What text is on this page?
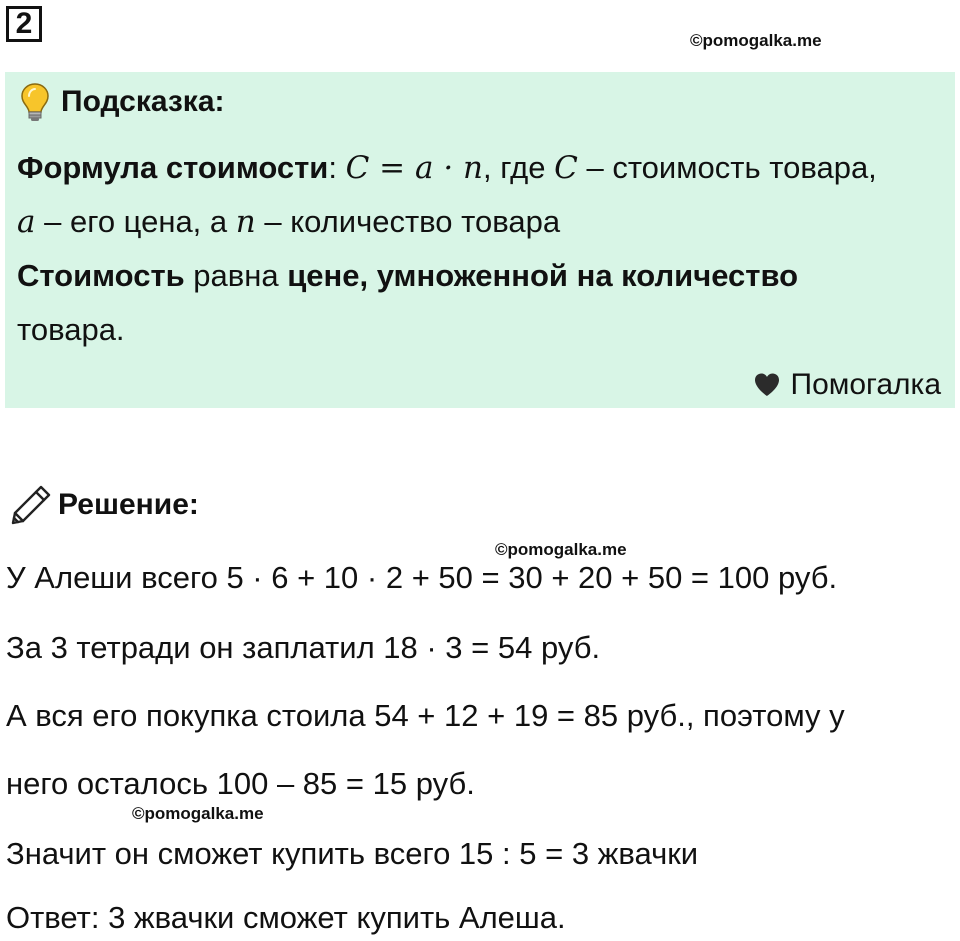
2
©pomogalka.me
Подсказка:
Формула стоимости: C = a · n, где C – стоимость товара,
a – его цена, а n – количество товара
Стоимость равна цене, умноженной на количество
товара.
Помогалка
Решение:
©pomogalka.me
У Алеши всего 5 · 6 + 10 · 2 + 50 = 30 + 20 + 50 = 100 руб.
За 3 тетради он заплатил 18 · 3 = 54 руб.
А вся его покупка стоила 54 + 12 + 19 = 85 руб., поэтому у
него осталось 100 – 85 = 15 руб.
©pomogalka.me
Значит он сможет купить всего 15 : 5 = 3 жвачки
Ответ: 3 жвачки сможет купить Алеша.
